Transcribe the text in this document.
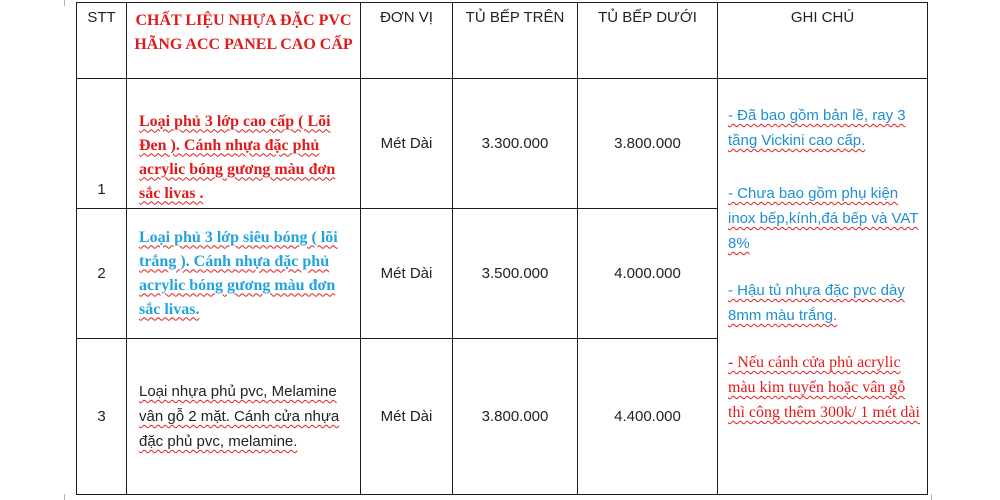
STT	CHẤT LIỆU NHỰA ĐẶC PVC HÃNG ACC PANEL CAO CẤP	ĐƠN VỊ	TỦ BẾP TRÊN	TỦ BẾP DƯỚI	GHI CHÚ
1	Loại phủ 3 lớp cao cấp ( Lõi Đen ). Cánh nhựa đặc phủ acrylic bóng gương màu đơn sắc livas .	Mét Dài	3.300.000	3.800.000	- Đã bao gồm bản lề, ray 3 tầng Vickini cao cấp.

- Chưa bao gồm phụ kiện inox bếp,kính,đá bếp và VAT 8%

- Hậu tủ nhựa đặc pvc dày 8mm màu trắng.

- Nếu cánh cửa phủ acrylic màu kim tuyến hoặc vân gỗ thì công thêm 300k/ 1 mét dài

2	Loại phủ 3 lớp siêu bóng ( lõi trắng ). Cánh nhựa đặc phủ acrylic bóng gương màu đơn sắc livas.	Mét Dài	3.500.000	4.000.000	
3	Loại nhựa phủ pvc, Melamine vân gỗ 2 mặt. Cánh cửa nhựa đặc phủ pvc, melamine.	Mét Dài	3.800.000	4.400.000	
